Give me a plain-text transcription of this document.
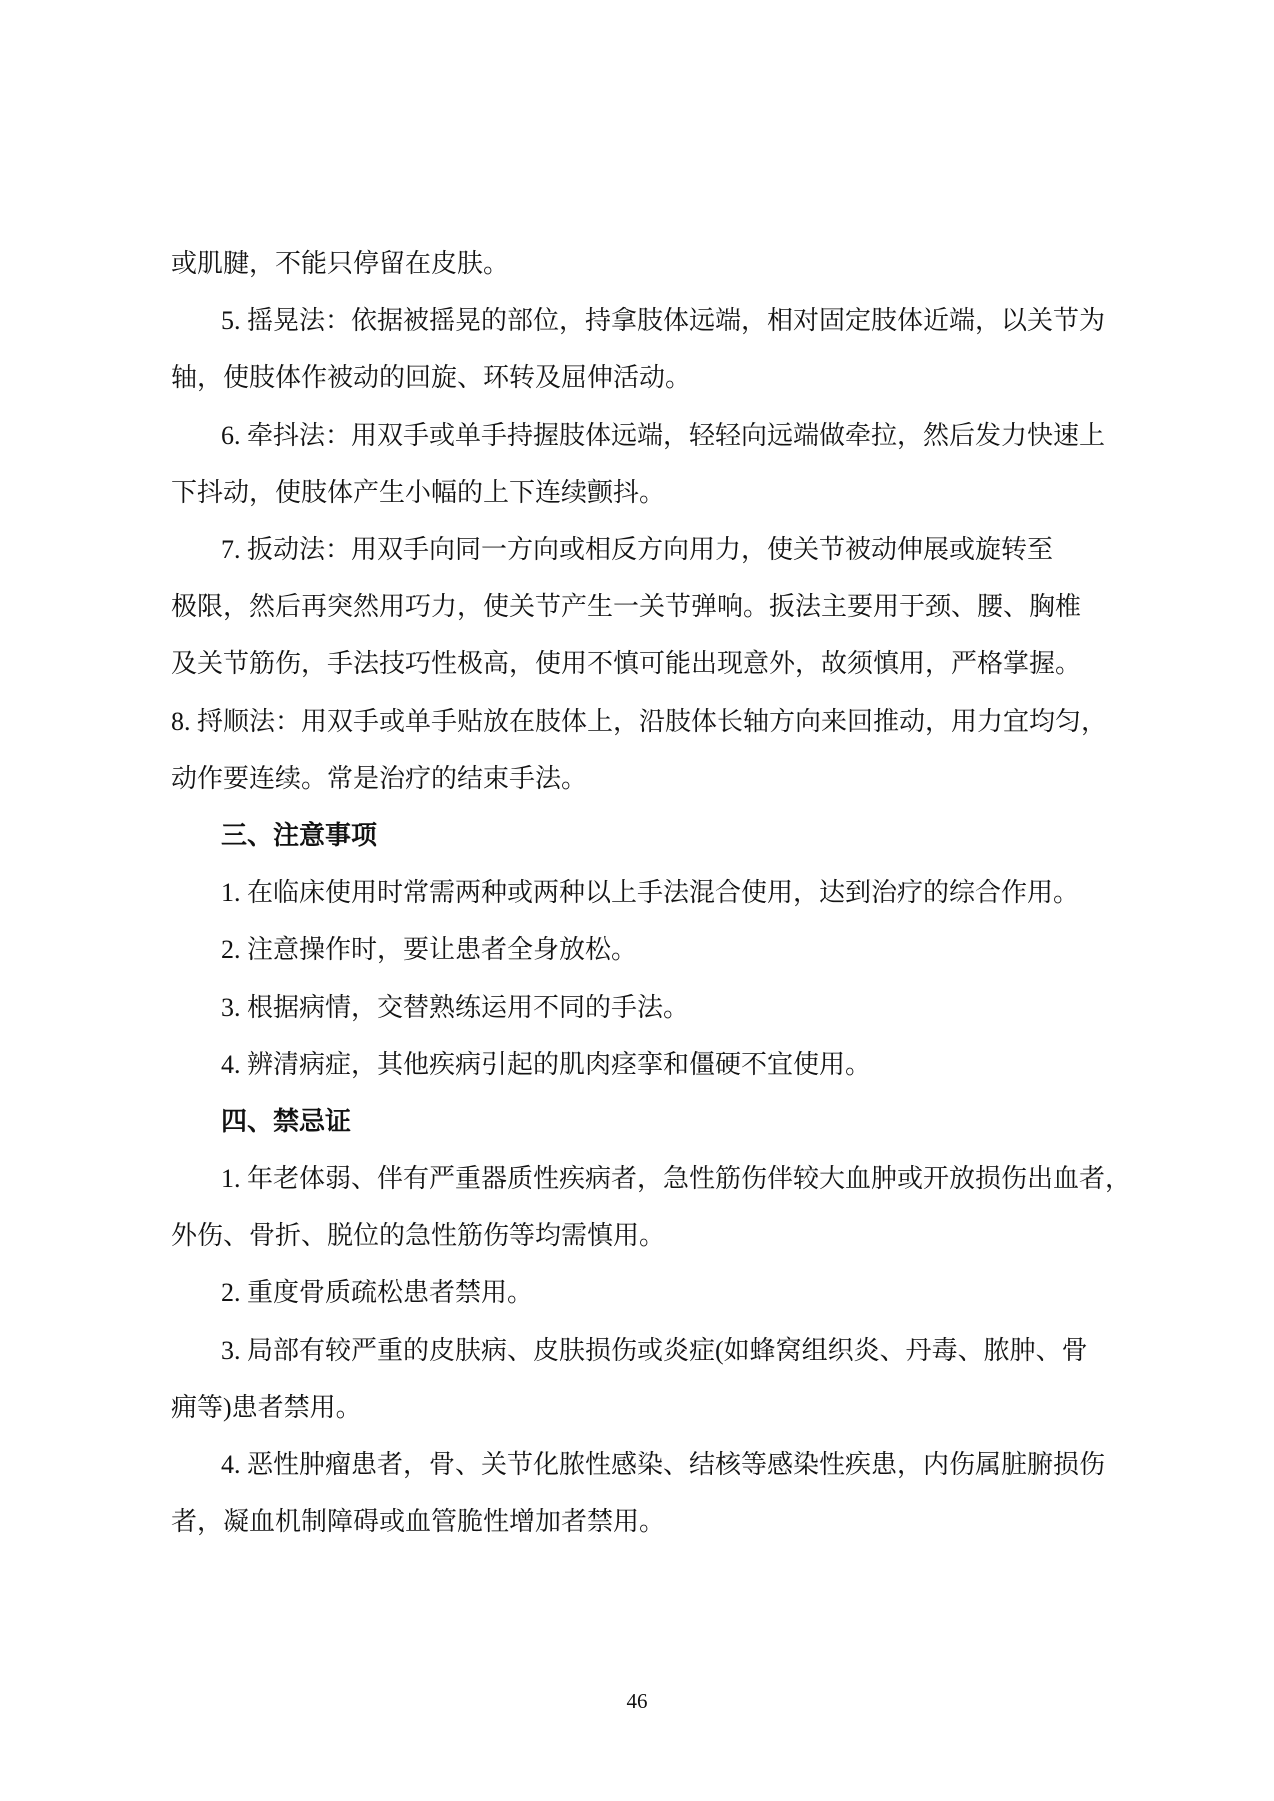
或肌腱，不能只停留在皮肤。
5. 摇晃法：依据被摇晃的部位，持拿肢体远端，相对固定肢体近端，以关节为
轴，使肢体作被动的回旋、环转及屈伸活动。
6. 牵抖法：用双手或单手持握肢体远端，轻轻向远端做牵拉，然后发力快速上
下抖动，使肢体产生小幅的上下连续颤抖。
7. 扳动法：用双手向同一方向或相反方向用力，使关节被动伸展或旋转至
极限，然后再突然用巧力，使关节产生一关节弹响。扳法主要用于颈、腰、胸椎
及关节筋伤，手法技巧性极高，使用不慎可能出现意外，故须慎用，严格掌握。
8. 捋顺法：用双手或单手贴放在肢体上，沿肢体长轴方向来回推动，用力宜均匀，
动作要连续。常是治疗的结束手法。
三、注意事项
1. 在临床使用时常需两种或两种以上手法混合使用，达到治疗的综合作用。
2. 注意操作时，要让患者全身放松。
3. 根据病情，交替熟练运用不同的手法。
4. 辨清病症，其他疾病引起的肌肉痉挛和僵硬不宜使用。
四、禁忌证
1. 年老体弱、伴有严重器质性疾病者，急性筋伤伴较大血肿或开放损伤出血者，
外伤、骨折、脱位的急性筋伤等均需慎用。
2. 重度骨质疏松患者禁用。
3. 局部有较严重的皮肤病、皮肤损伤或炎症(如蜂窝组织炎、丹毒、脓肿、骨
痈等)患者禁用。
4. 恶性肿瘤患者，骨、关节化脓性感染、结核等感染性疾患，内伤属脏腑损伤
者，凝血机制障碍或血管脆性增加者禁用。
46
